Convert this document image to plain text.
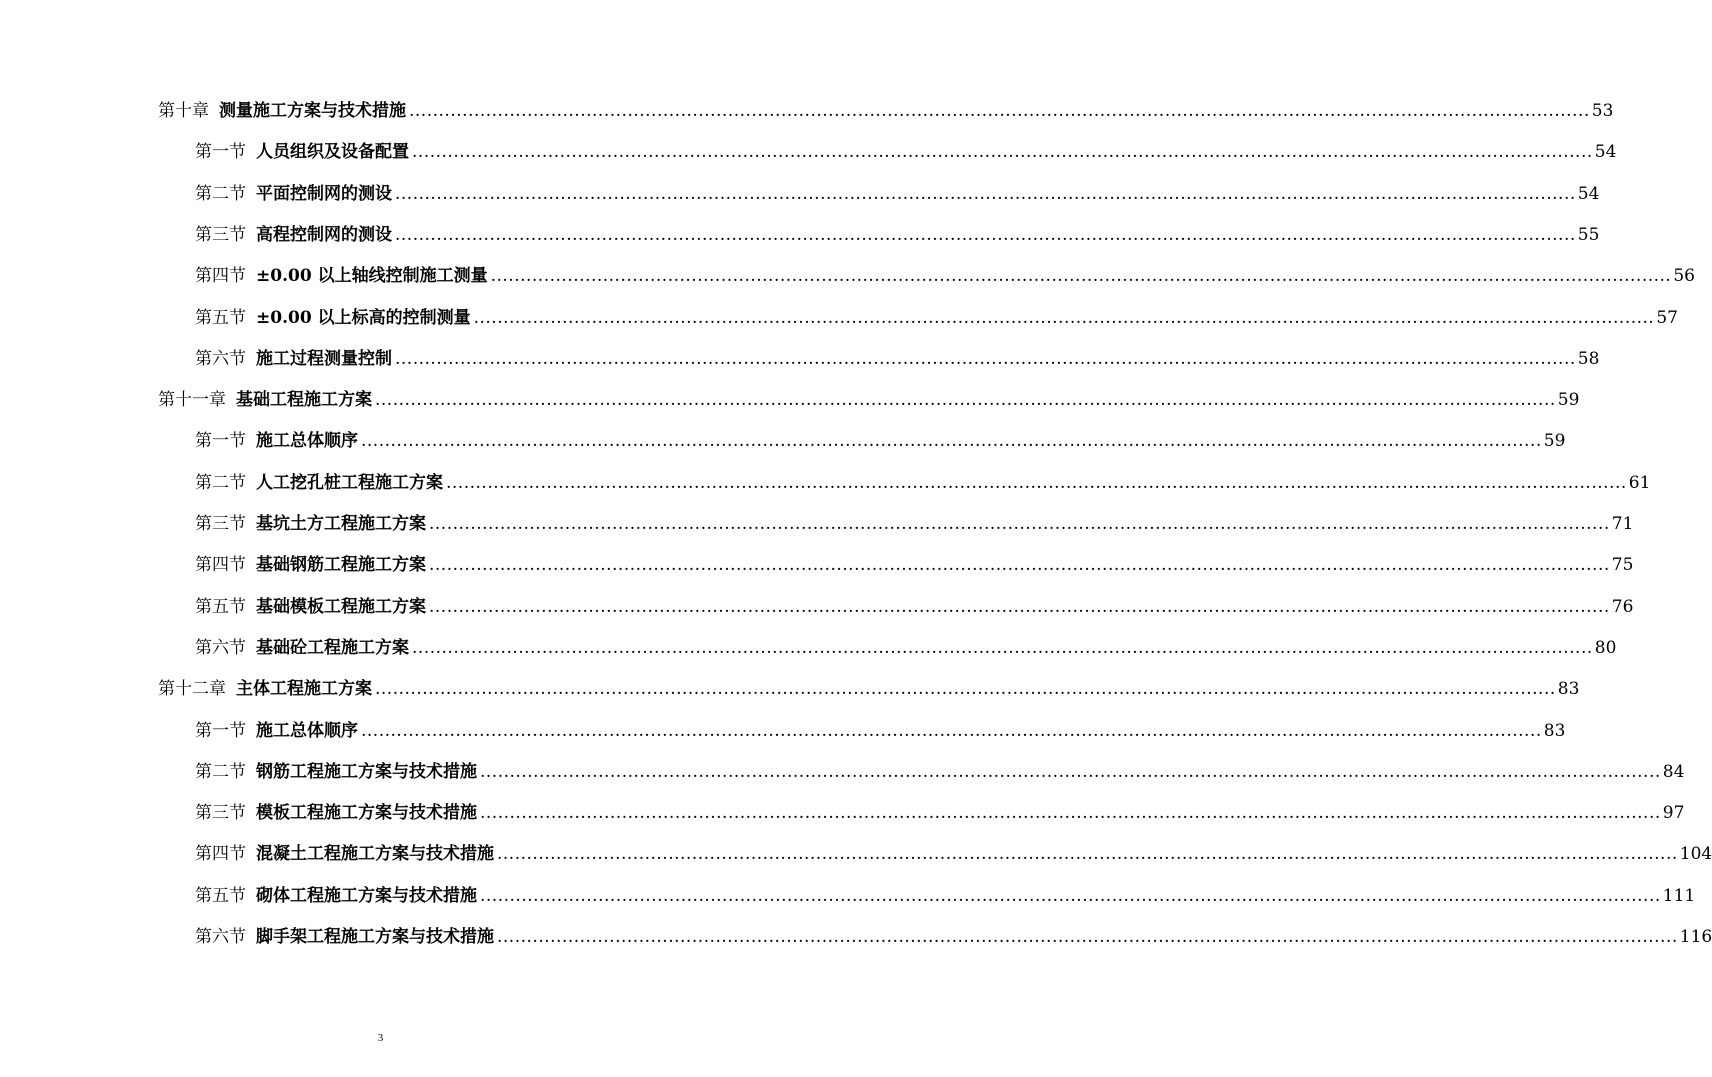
第十章 测量施工方案与技术措施 ........................................................................................................................................................................................................ 53
第一节 人员组织及设备配置 ........................................................................................................................................................................................................ 54
第二节 平面控制网的测设 ........................................................................................................................................................................................................ 54
第三节 高程控制网的测设 ........................................................................................................................................................................................................ 55
第四节 ±0.00 以上轴线控制施工测量 ........................................................................................................................................................................................................ 56
第五节 ±0.00 以上标高的控制测量 ........................................................................................................................................................................................................ 57
第六节 施工过程测量控制 ........................................................................................................................................................................................................ 58
第十一章 基础工程施工方案 ........................................................................................................................................................................................................ 59
第一节 施工总体顺序 ........................................................................................................................................................................................................ 59
第二节 人工挖孔桩工程施工方案 ........................................................................................................................................................................................................ 61
第三节 基坑土方工程施工方案 ........................................................................................................................................................................................................ 71
第四节 基础钢筋工程施工方案 ........................................................................................................................................................................................................ 75
第五节 基础模板工程施工方案 ........................................................................................................................................................................................................ 76
第六节 基础砼工程施工方案 ........................................................................................................................................................................................................ 80
第十二章 主体工程施工方案 ........................................................................................................................................................................................................ 83
第一节 施工总体顺序 ........................................................................................................................................................................................................ 83
第二节 钢筋工程施工方案与技术措施 ........................................................................................................................................................................................................ 84
第三节 模板工程施工方案与技术措施 ........................................................................................................................................................................................................ 97
第四节 混凝土工程施工方案与技术措施 ........................................................................................................................................................................................................ 104
第五节 砌体工程施工方案与技术措施 ........................................................................................................................................................................................................ 111
第六节 脚手架工程施工方案与技术措施 ........................................................................................................................................................................................................ 116
3
